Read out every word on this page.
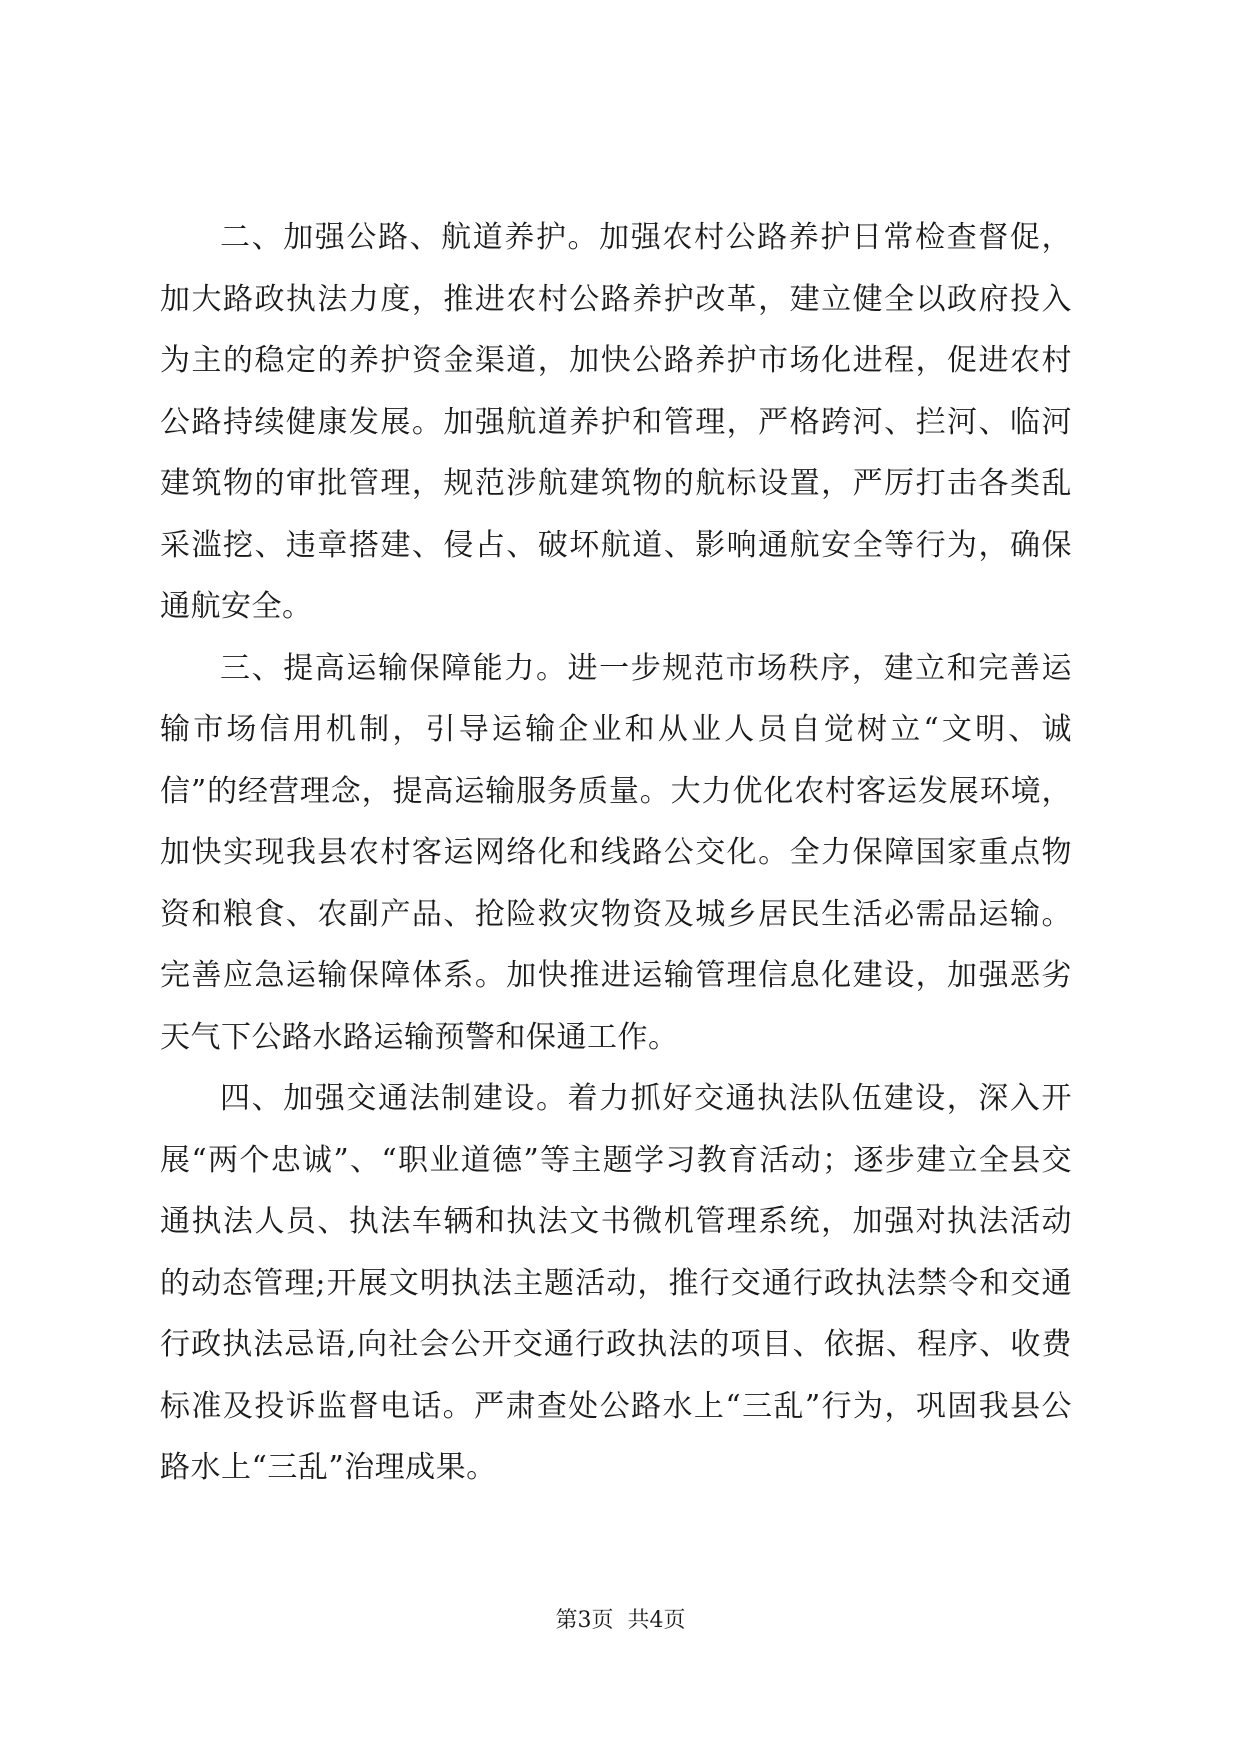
二、加强公路、航道养护。加强农村公路养护日常检查督促，加大路政执法力度，推进农村公路养护改革，建立健全以政府投入为主的稳定的养护资金渠道，加快公路养护市场化进程，促进农村公路持续健康发展。加强航道养护和管理，严格跨河、拦河、临河建筑物的审批管理，规范涉航建筑物的航标设置，严厉打击各类乱采滥挖、违章搭建、侵占、破坏航道、影响通航安全等行为，确保通航安全。

三、提高运输保障能力。进一步规范市场秩序，建立和完善运输市场信用机制，引导运输企业和从业人员自觉树立“文明、诚信”的经营理念，提高运输服务质量。大力优化农村客运发展环境，加快实现我县农村客运网络化和线路公交化。全力保障国家重点物资和粮食、农副产品、抢险救灾物资及城乡居民生活必需品运输。完善应急运输保障体系。加快推进运输管理信息化建设，加强恶劣天气下公路水路运输预警和保通工作。

四、加强交通法制建设。着力抓好交通执法队伍建设，深入开展“两个忠诚”、“职业道德”等主题学习教育活动；逐步建立全县交通执法人员、执法车辆和执法文书微机管理系统，加强对执法活动的动态管理;开展文明执法主题活动，推行交通行政执法禁令和交通行政执法忌语,向社会公开交通行政执法的项目、依据、程序、收费标准及投诉监督电话。严肃查处公路水上“三乱”行为，巩固我县公路水上“三乱”治理成果。

第3页  共4页
